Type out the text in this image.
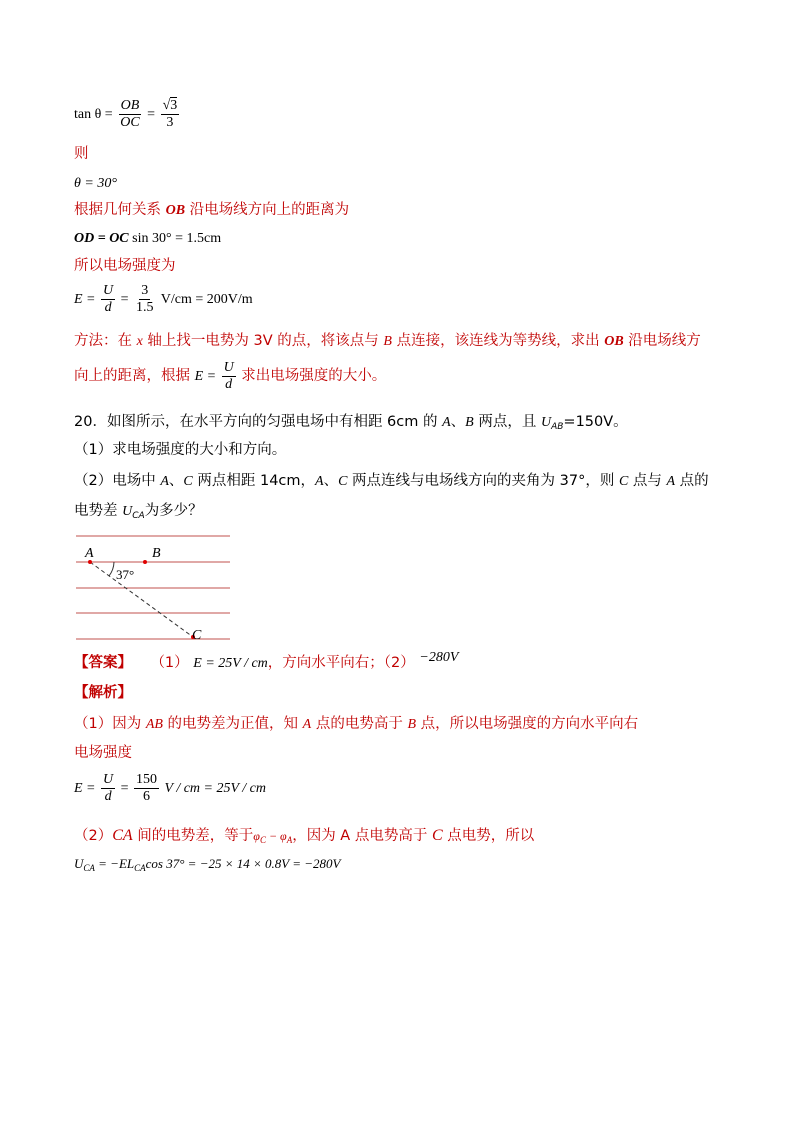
$\tan \theta = \frac{OB}{OC} = \frac{√3}{3}$
则
θ = 30°
根据几何关系 OB 沿电场线方向上的距离为
OD = OC sin 30° = 1.5cm
所以电场强度为
$E = \frac{U}{d} = \frac{3}{1.5} V/cm = 200V/m$
方法：在 x 轴上找一电势为 3V 的点，将该点与 B 点连接，该连线为等势线，求出 OB 沿电场线方
向上的距离，根据 $E = \frac{U}{d}$ 求出电场强度的大小。
20．如图所示，在水平方向的匀强电场中有相距 6cm 的 A、B 两点，且 $U_{AB}=150V$。
（1）求电场强度的大小和方向。
（2）电场中 A、C 两点相距 14cm，A、C 两点连线与电场线方向的夹角为 37°，则 C 点与 A 点的
电势差 $U_{CA}$为多少？
A	B
C
37°
【答案】 （1） E = 25V / cm，方向水平向右；（2） −280V
【解析】
（1）因为 AB 的电势差为正值，知 A 点的电势高于 B 点，所以电场强度的方向水平向右
电场强度
$E = \frac{U}{d} = \frac{150}{6}$ V / cm = 25V / cm
（2）CA 间的电势差，等于$\varphi_C - \varphi_A$，因为 A 点电势高于 C 点电势，所以
$U_{CA} = -EL_{CA}\cos$ 37° = −25 × 14 × 0.8V = −280V
